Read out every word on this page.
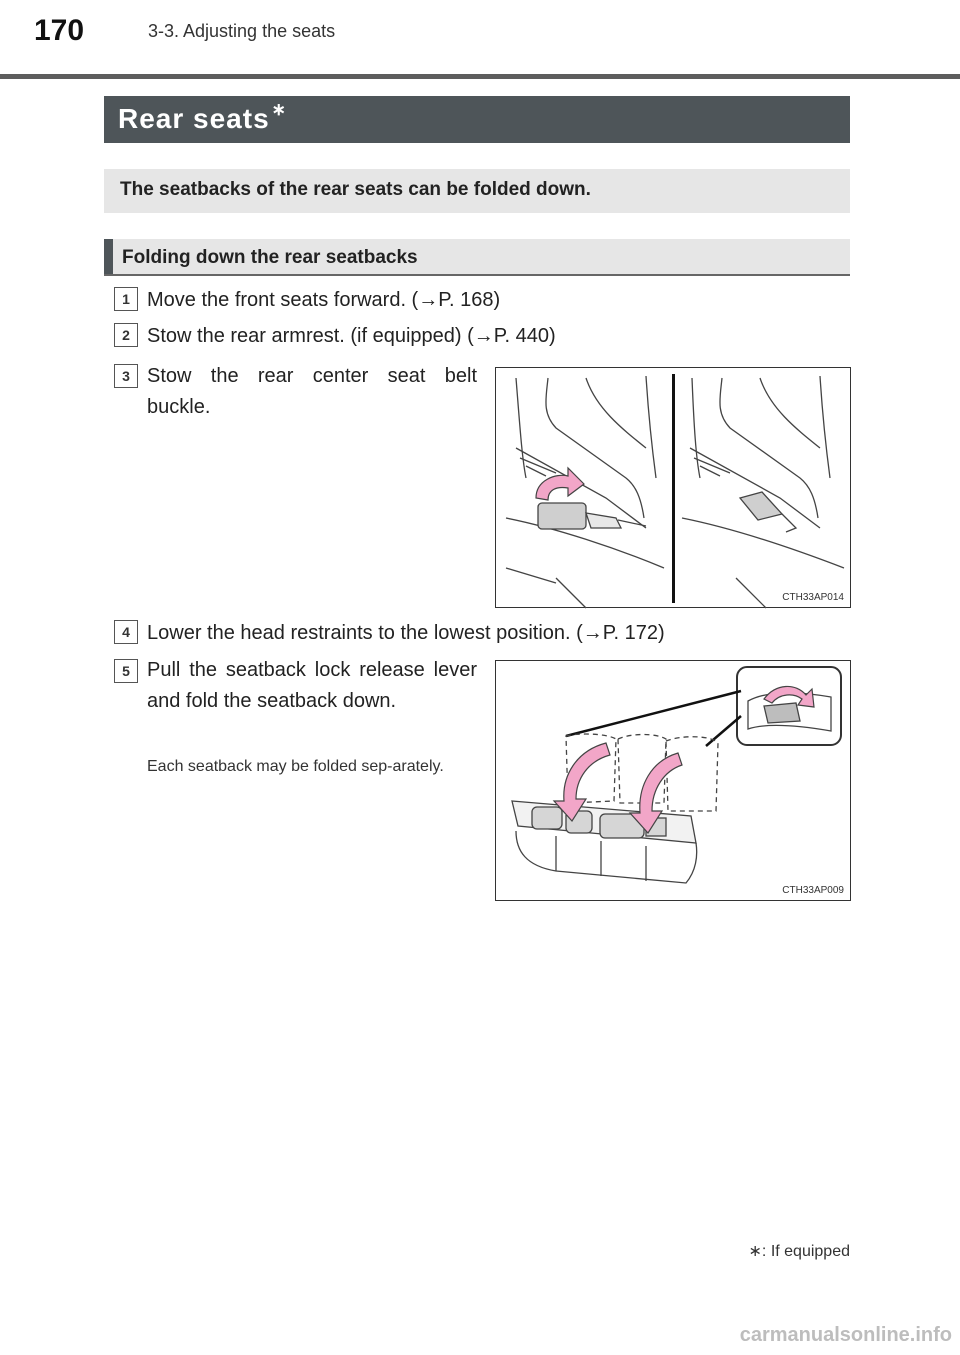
170	3-3. Adjusting the seats
Rear seats ∗
The seatbacks of the rear seats can be folded down.
Folding down the rear seatbacks
1 Move the front seats forward. (→P. 168)
2 Stow the rear armrest. (if equipped) (→P. 440)
3 Stow the rear center seat belt buckle.
4 Lower the head restraints to the lowest position. (→P. 172)
5 Pull the seatback lock release lever and fold the seatback down.
Each seatback may be folded sep-arately.
CTH33AP014
CTH33AP009
∗: If equipped
carmanualsonline.info
